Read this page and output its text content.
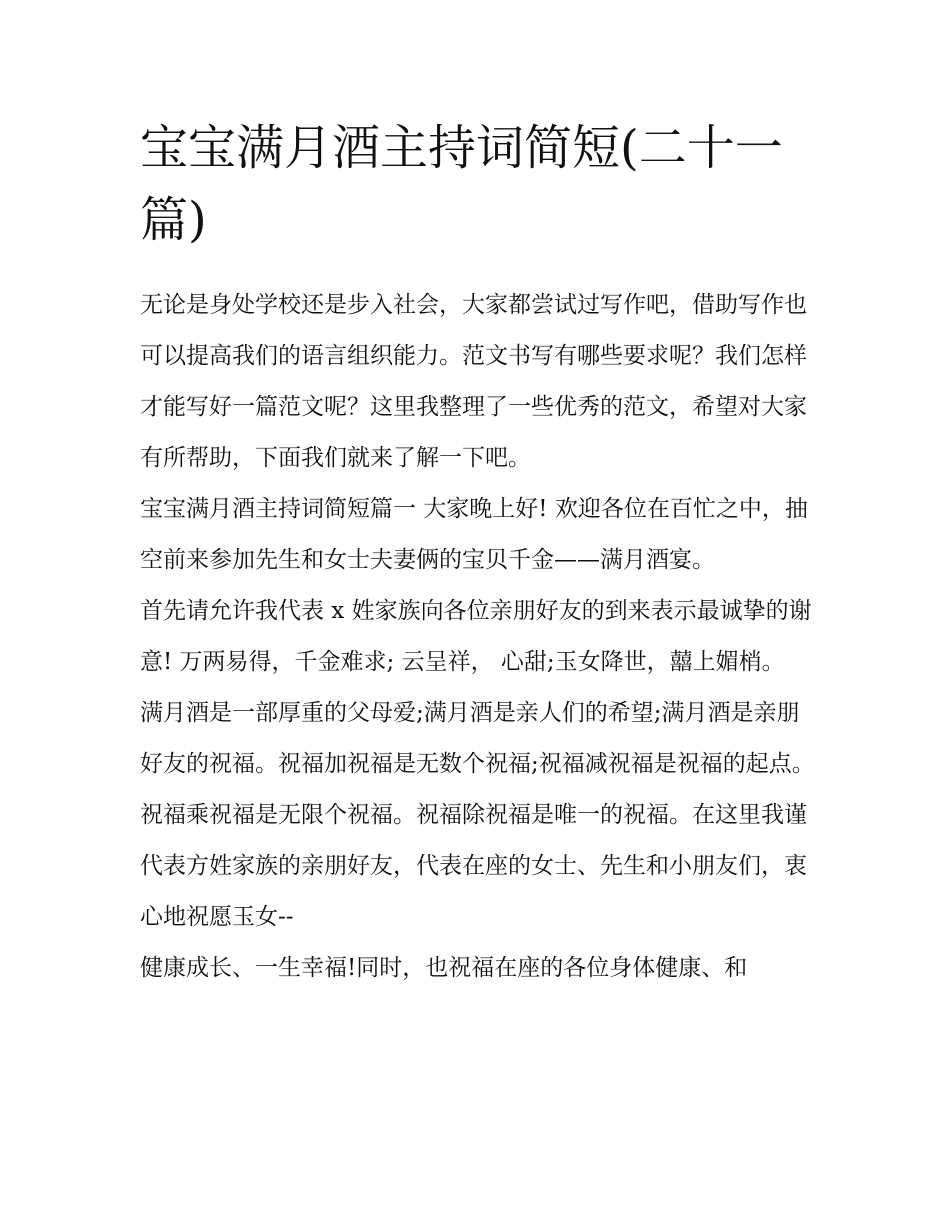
宝宝满月酒主持词简短(二十一篇)

无论是身处学校还是步入社会，大家都尝试过写作吧，借助写作也可以提高我们的语言组织能力。范文书写有哪些要求呢？我们怎样才能写好一篇范文呢？这里我整理了一些优秀的范文，希望对大家有所帮助，下面我们就来了解一下吧。

宝宝满月酒主持词简短篇一 大家晚上好! 欢迎各位在百忙之中，抽空前来参加先生和女士夫妻俩的宝贝千金——满月酒宴。

首先请允许我代表 x 姓家族向各位亲朋好友的到来表示最诚挚的谢意! 万两易得，千金难求; 云呈祥， 心甜;玉女降世，囍上媚梢。

满月酒是一部厚重的父母爱;满月酒是亲人们的希望;满月酒是亲朋好友的祝福。祝福加祝福是无数个祝福;祝福减祝福是祝福的起点。祝福乘祝福是无限个祝福。祝福除祝福是唯一的祝福。在这里我谨代表方姓家族的亲朋好友，代表在座的女士、先生和小朋友们，衷心地祝愿玉女--

健康成长、一生幸福!同时，也祝福在座的各位身体健康、和
